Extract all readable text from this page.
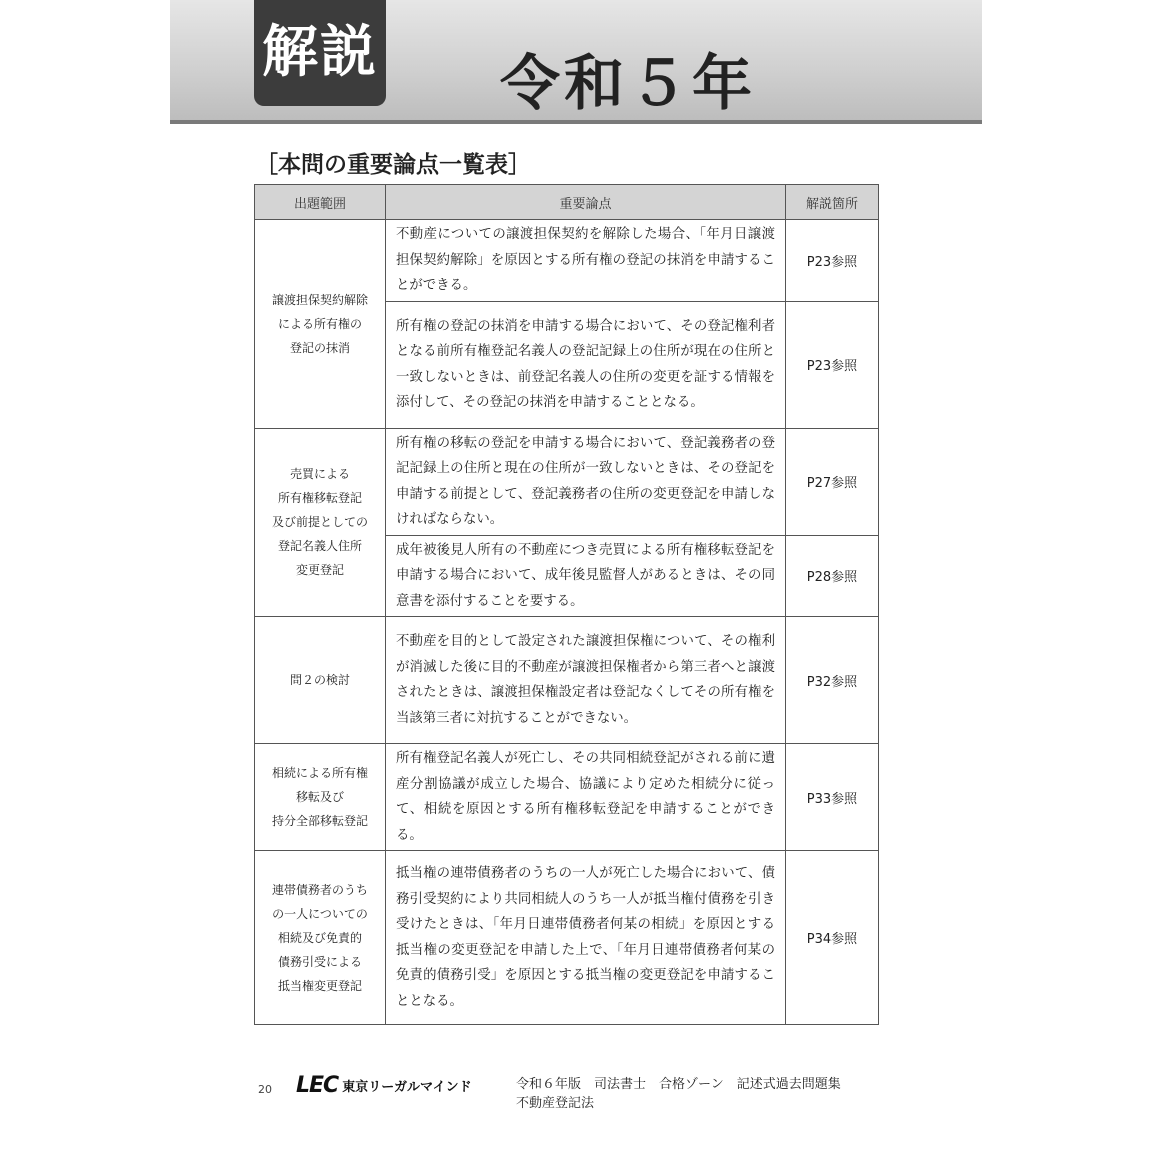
解説 令和５年
［本問の重要論点一覧表］
出題範囲	重要論点	解説箇所
譲渡担保契約解除
による所有権の
登記の抹消	不動産についての譲渡担保契約を解除した場合、「年月日譲渡担保契約解除」を原因とする所有権の登記の抹消を申請することができる。	P23参照
	所有権の登記の抹消を申請する場合において、その登記権利者となる前所有権登記名義人の登記記録上の住所が現在の住所と一致しないときは、前登記名義人の住所の変更を証する情報を添付して、その登記の抹消を申請することとなる。	P23参照
売買による
所有権移転登記
及び前提としての
登記名義人住所
変更登記	所有権の移転の登記を申請する場合において、登記義務者の登記記録上の住所と現在の住所が一致しないときは、その登記を申請する前提として、登記義務者の住所の変更登記を申請しなければならない。	P27参照
	成年被後見人所有の不動産につき売買による所有権移転登記を申請する場合において、成年後見監督人があるときは、その同意書を添付することを要する。	P28参照
問２の検討	不動産を目的として設定された譲渡担保権について、その権利が消滅した後に目的不動産が譲渡担保権者から第三者へと譲渡されたときは、譲渡担保権設定者は登記なくしてその所有権を当該第三者に対抗することができない。	P32参照
相続による所有権
移転及び
持分全部移転登記	所有権登記名義人が死亡し、その共同相続登記がされる前に遺産分割協議が成立した場合、協議により定めた相続分に従って、相続を原因とする所有権移転登記を申請することができる。	P33参照
連帯債務者のうち
の一人についての
相続及び免責的
債務引受による
抵当権変更登記	抵当権の連帯債務者のうちの一人が死亡した場合において、債務引受契約により共同相続人のうち一人が抵当権付債務を引き受けたときは、「年月日連帯債務者何某の相続」を原因とする抵当権の変更登記を申請した上で、「年月日連帯債務者何某の免責的債務引受」を原因とする抵当権の変更登記を申請することとなる。	P34参照
20 LEC 東京リーガルマインド	令和６年版　司法書士　合格ゾーン　記述式過去問題集
不動産登記法
